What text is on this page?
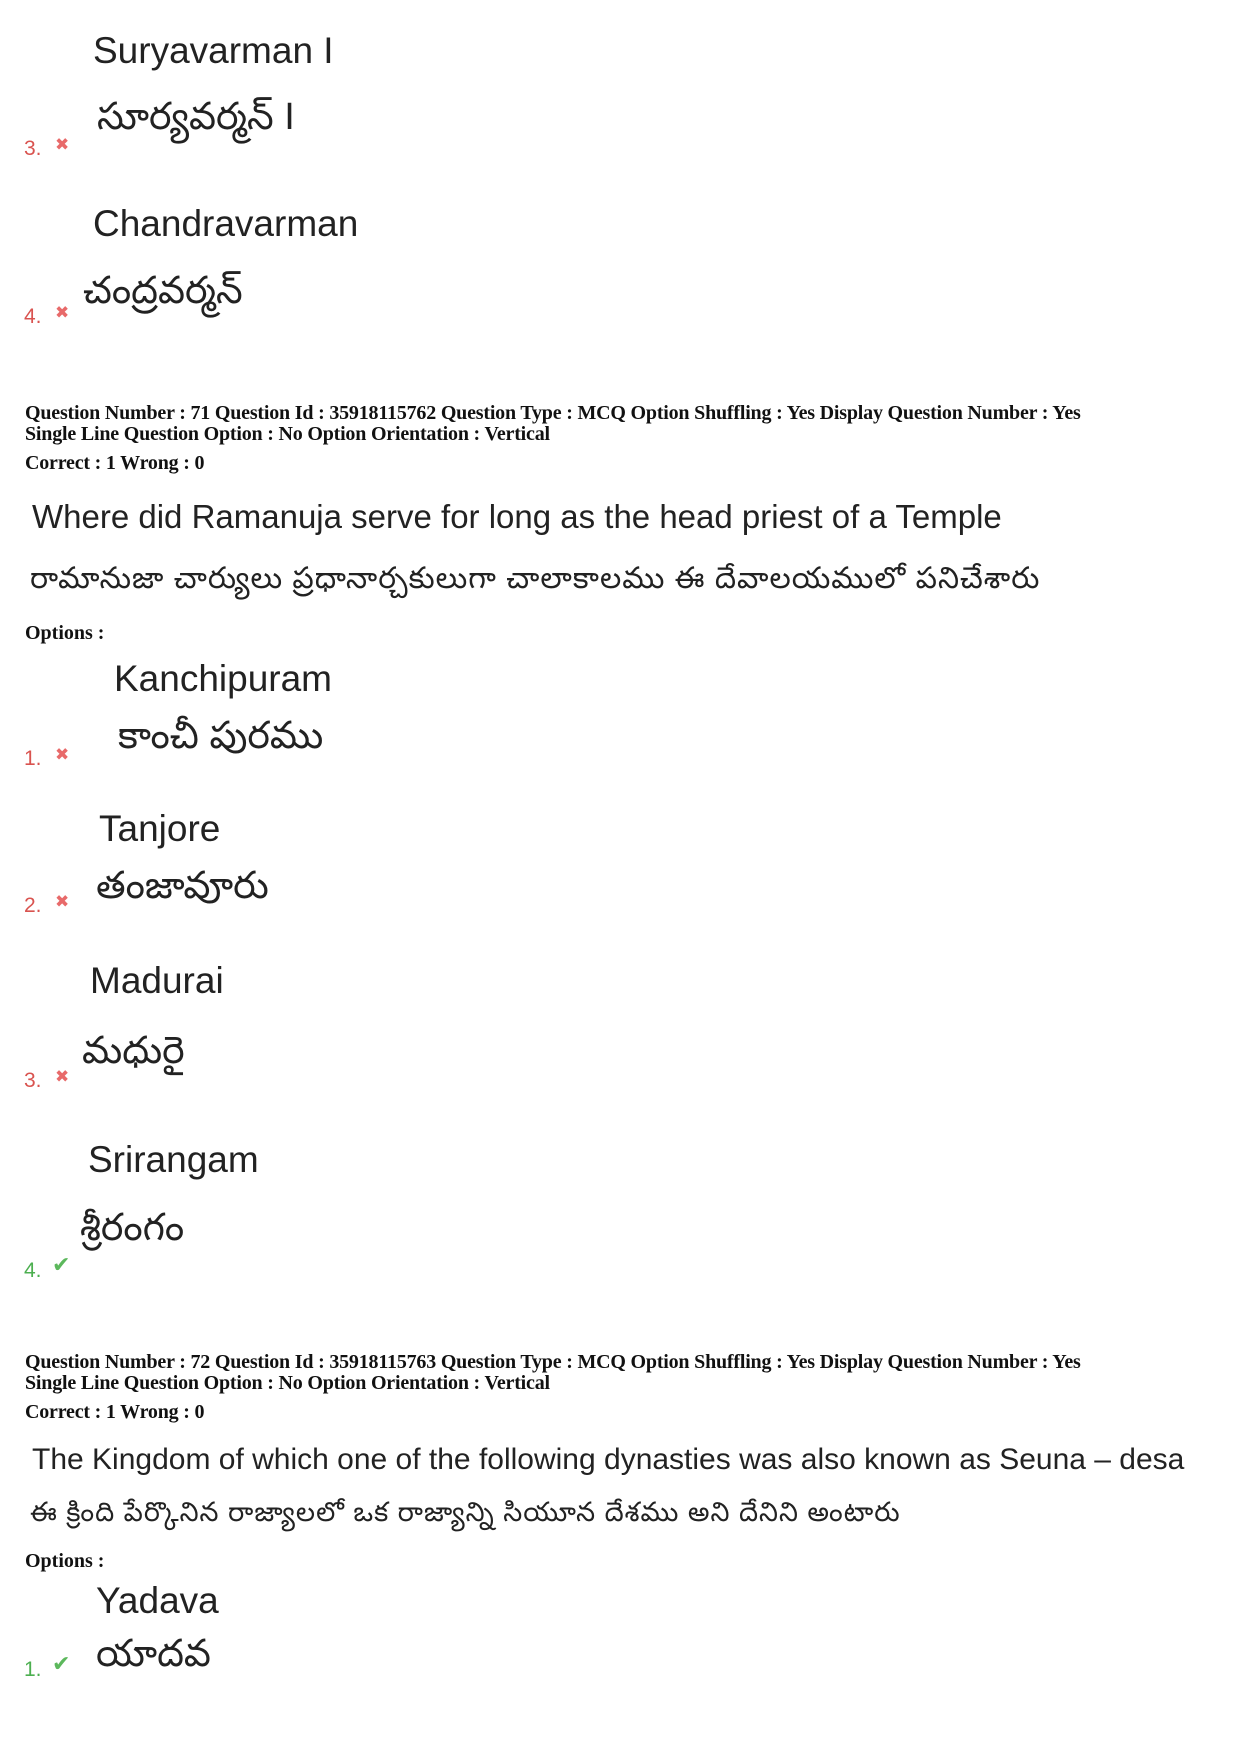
Suryavarman I
సూర్యవర్మన్ I
3. ✖
Chandravarman
చంద్రవర్మన్
4. ✖
Question Number : 71 Question Id : 35918115762 Question Type : MCQ Option Shuffling : Yes Display Question Number : Yes
Single Line Question Option : No Option Orientation : Vertical
Correct : 1 Wrong : 0
Where did Ramanuja serve for long as the head priest of a Temple
రామానుజా చార్యులు ప్రధానార్చకులుగా చాలాకాలము ఈ దేవాలయములో పనిచేశారు
Options :
Kanchipuram
కాంచీ పురము
1. ✖
Tanjore
తంజావూరు
2. ✖
Madurai
మధురై
3. ✖
Srirangam
శ్రీరంగం
4. ✔
Question Number : 72 Question Id : 35918115763 Question Type : MCQ Option Shuffling : Yes Display Question Number : Yes
Single Line Question Option : No Option Orientation : Vertical
Correct : 1 Wrong : 0
The Kingdom of which one of the following dynasties was also known as Seuna – desa
ఈ క్రింది పేర్కొనిన రాజ్యాలలో ఒక రాజ్యాన్ని సియూన దేశము అని దేనిని అంటారు
Options :
Yadava
యాదవ
1. ✔
